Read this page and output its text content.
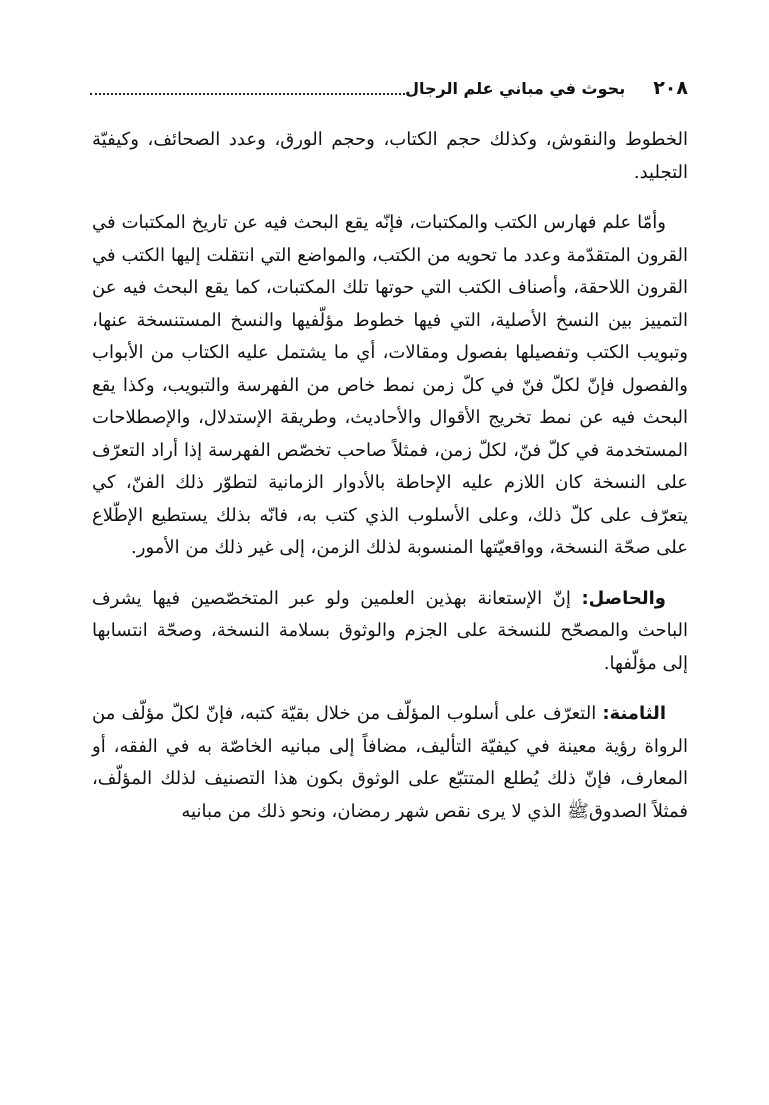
٢٠٨
بحوث في مباني علم الرجال

الخطوط والنقوش، وكذلك حجم الكتاب، وحجم الورق، وعدد الصحائف، وكيفيّة التجليد.

وأمّا علم فهارس الكتب والمكتبات، فإنّه يقع البحث فيه عن تاريخ المكتبات في القرون المتقدّمة وعدد ما تحويه من الكتب، والمواضع التي انتقلت إليها الكتب في القرون اللاحقة، وأصناف الكتب التي حوتها تلك المكتبات، كما يقع البحث فيه عن التمييز بين النسخ الأصلية، التي فيها خطوط مؤلّفيها والنسخ المستنسخة عنها، وتبويب الكتب وتفصيلها بفصول ومقالات، أي ما يشتمل عليه الكتاب من الأبواب والفصول فإنّ لكلّ فنّ في كلّ زمن نمط خاص من الفهرسة والتبويب، وكذا يقع البحث فيه عن نمط تخريج الأقوال والأحاديث، وطريقة الإستدلال، والإصطلاحات المستخدمة في كلّ فنّ، لكلّ زمن، فمثلاً صاحب تخصّص الفهرسة إذا أراد التعرّف على النسخة كان اللازم عليه الإحاطة بالأدوار الزمانية لتطوّر ذلك الفنّ، كي يتعرّف على كلّ ذلك، وعلى الأسلوب الذي كتب به، فانّه بذلك يستطيع الإطّلاع على صحّة النسخة، وواقعيّتها المنسوبة لذلك الزمن، إلى غير ذلك من الأمور.

والحاصل: إنّ الإستعانة بهذين العلمين ولو عبر المتخصّصين فيها يشرف الباحث والمصحّح للنسخة على الجزم والوثوق بسلامة النسخة، وصحّة انتسابها إلى مؤلّفها.

الثامنة: التعرّف على أسلوب المؤلّف من خلال بقيّة كتبه، فإنّ لكلّ مؤلّف من الرواة رؤية معينة في كيفيّة التأليف، مضافاً إلى مبانيه الخاصّة به في الفقه، أو المعارف، فإنّ ذلك يُطلع المتتبّع على الوثوق بكون هذا التصنيف لذلك المؤلّف، فمثلاً الصدوق‌ﷺ الذي لا يرى نقص شهر رمضان، ونحو ذلك من مبانيه
